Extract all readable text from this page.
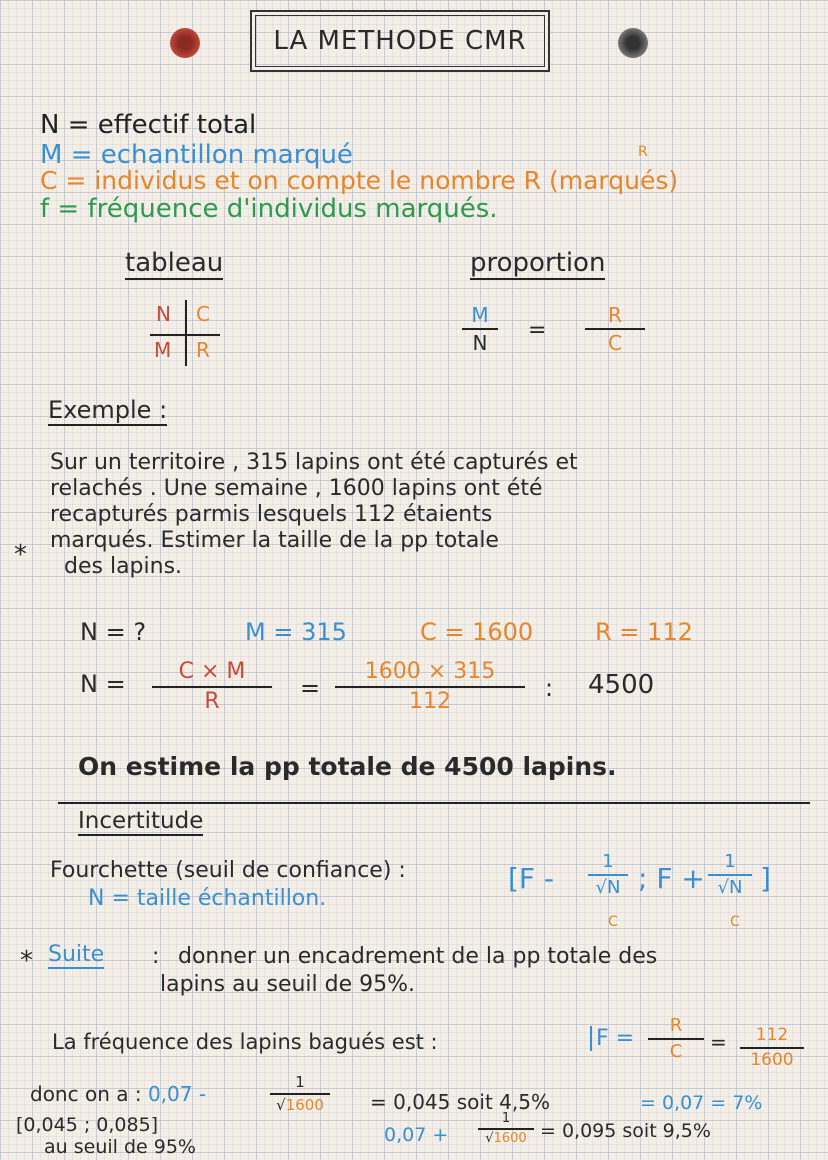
LA METHODE CMR
N = effectif total
M = echantillon marqué	R
C = individus et on compte le nombre R (marqués)
f = fréquence d'individus marqués.
tableau
N C
M R
proportion
M
N	=
R
C
Exemple :
*
Sur un territoire , 315 lapins ont été capturés et
relachés . Une semaine , 1600 lapins ont été
recapturés parmis lesquels 112 étaients
marqués. Estimer la taille de la pp totale
des lapins.
N = ?	M = 315	C = 1600	R = 112
N =	C × M
R	=
1600 × 315
112	: 4500
On estime la pp totale de 4500 lapins.
Incertitude
Fourchette (seuil de confiance) :
N = taille échantillon.
[F -
1
√N
C
; F +
1
√N
C
]
* Suite : donner un encadrement de la pp totale des
lapins au seuil de 95%.
La fréquence des lapins bagués est :	F =
R
C	=	112
1600
= 0,07 = 7%
donc on a : 0,07 -	1
√1600	= 0,045 soit 4,5%
[0,045 ; 0,085]	0,07 +
1
√1600 = 0,095 soit 9,5%
au seuil de 95%
